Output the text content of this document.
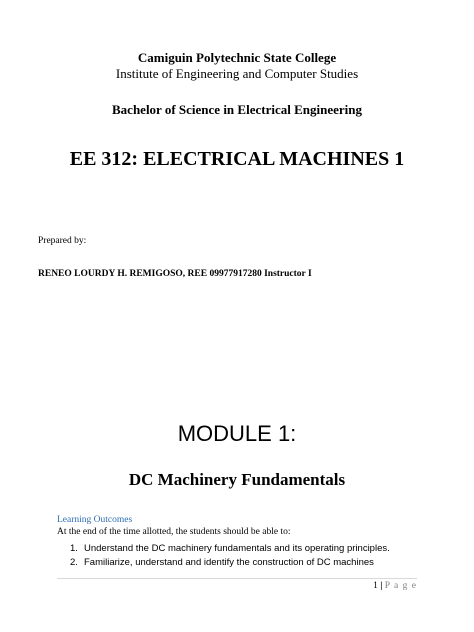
Camiguin Polytechnic State College
Institute of Engineering and Computer Studies
Bachelor of Science in Electrical Engineering
EE 312: ELECTRICAL MACHINES 1
Prepared by:
RENEO LOURDY H. REMIGOSO, REE 09977917280 Instructor I
MODULE 1:
DC Machinery Fundamentals
Learning Outcomes
At the end of the time allotted, the students should be able to:
1. Understand the DC machinery fundamentals and its operating principles.
2. Familiarize, understand and identify the construction of DC machines
1 | P a g e
